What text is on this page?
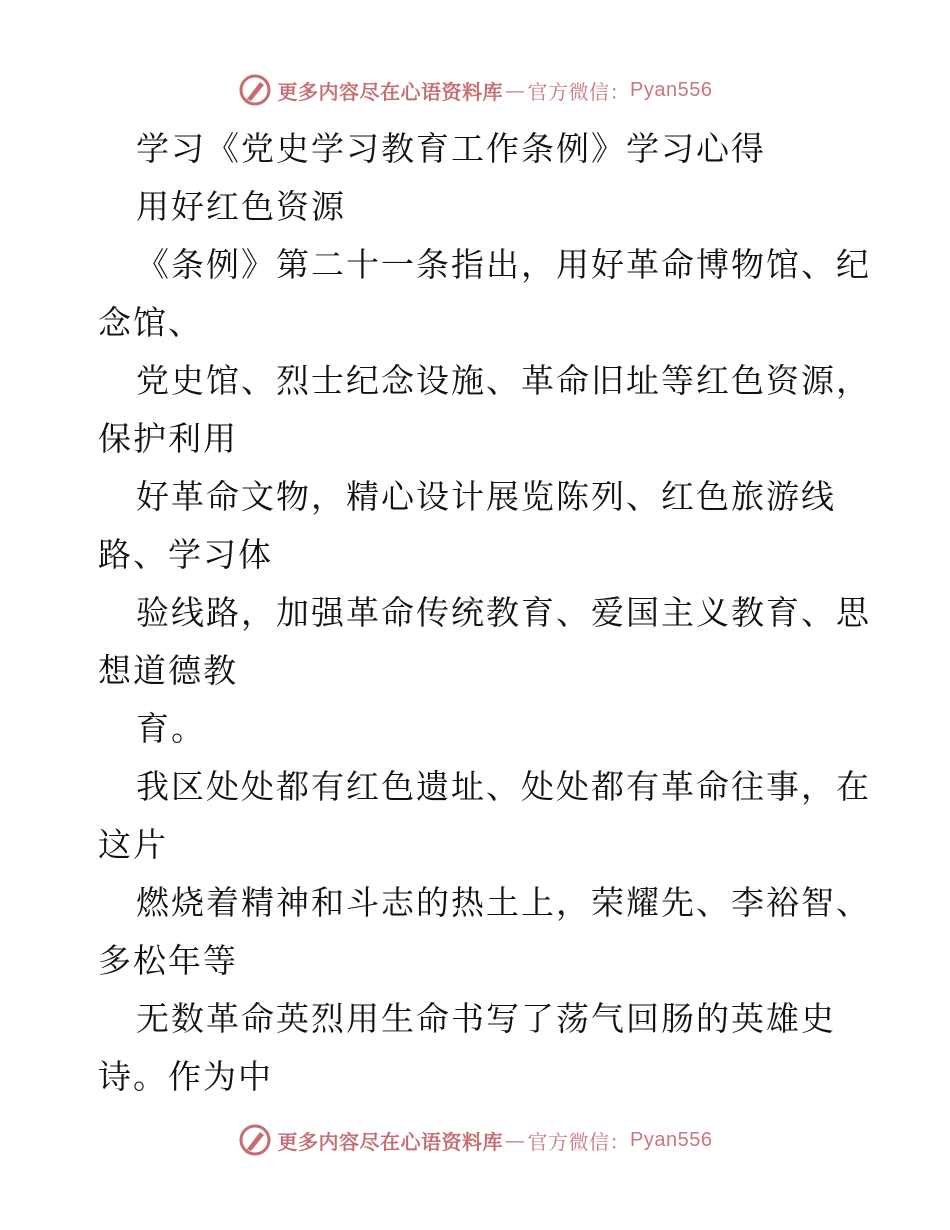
更多内容尽在心语资料库 — 官方微信： Pyan556
学习《党史学习教育工作条例》学习心得
用好红色资源
《条例》第二十一条指出，用好革命博物馆、纪
念馆、
党史馆、烈士纪念设施、革命旧址等红色资源，
保护利用
好革命文物，精心设计展览陈列、红色旅游线
路、学习体
验线路，加强革命传统教育、爱国主义教育、思
想道德教
育。
我区处处都有红色遗址、处处都有革命往事，在
这片
燃烧着精神和斗志的热土上，荣耀先、李裕智、
多松年等
无数革命英烈用生命书写了荡气回肠的英雄史
诗。作为中
更多内容尽在心语资料库 — 官方微信： Pyan556
